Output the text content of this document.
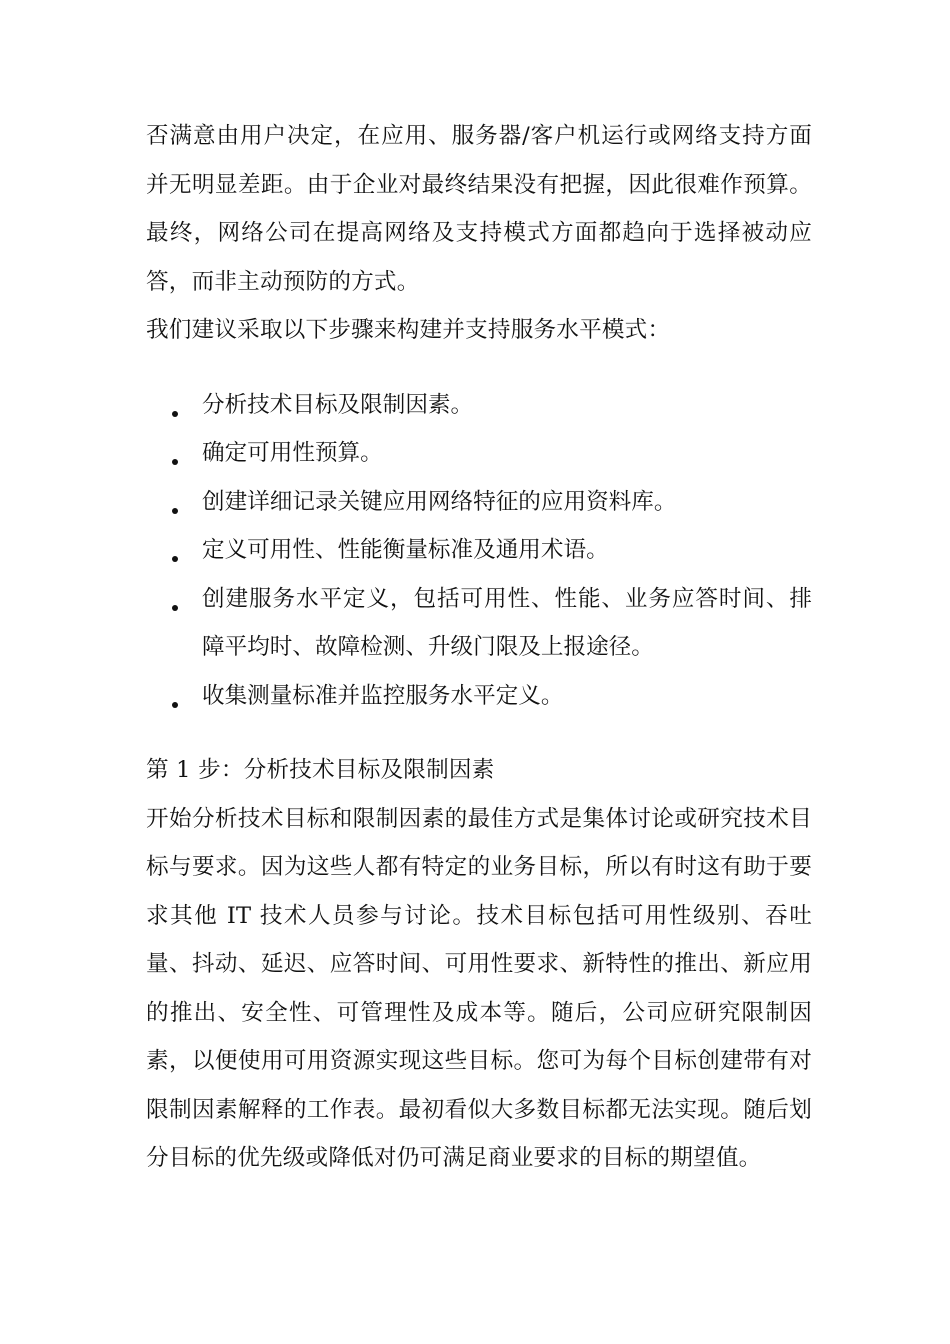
否满意由用户决定，在应用、服务器/客户机运行或网络支持方面并无明显差距。由于企业对最终结果没有把握，因此很难作预算。最终，网络公司在提高网络及支持模式方面都趋向于选择被动应答，而非主动预防的方式。

我们建议采取以下步骤来构建并支持服务水平模式：

分析技术目标及限制因素。
确定可用性预算。
创建详细记录关键应用网络特征的应用资料库。
定义可用性、性能衡量标准及通用术语。
创建服务水平定义，包括可用性、性能、业务应答时间、排障平均时、故障检测、升级门限及上报途径。
收集测量标准并监控服务水平定义。

第 1 步：分析技术目标及限制因素

开始分析技术目标和限制因素的最佳方式是集体讨论或研究技术目标与要求。因为这些人都有特定的业务目标，所以有时这有助于要求其他 IT 技术人员参与讨论。技术目标包括可用性级别、吞吐量、抖动、延迟、应答时间、可用性要求、新特性的推出、新应用的推出、安全性、可管理性及成本等。随后，公司应研究限制因素，以便使用可用资源实现这些目标。您可为每个目标创建带有对限制因素解释的工作表。最初看似大多数目标都无法实现。随后划分目标的优先级或降低对仍可满足商业要求的目标的期望值。
